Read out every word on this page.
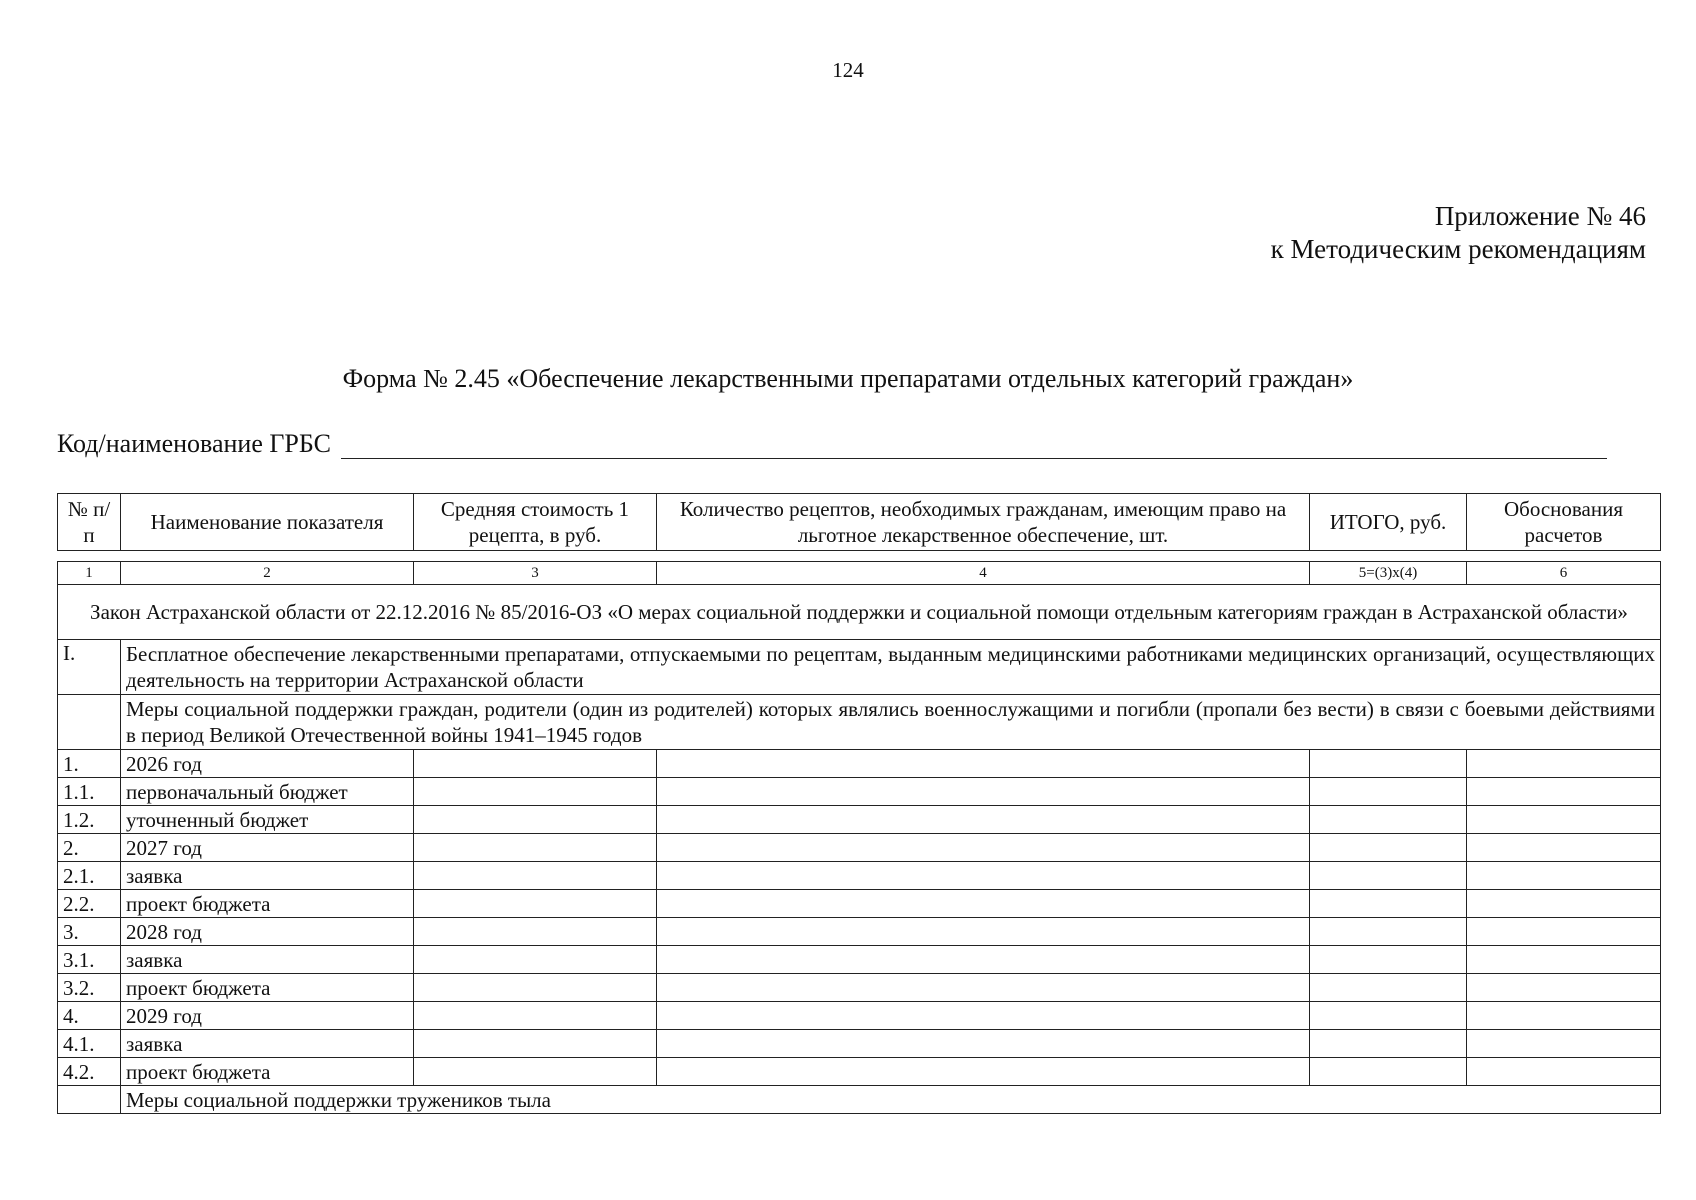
124
Приложение № 46
к Методическим рекомендациям
Форма № 2.45 «Обеспечение лекарственными препаратами отдельных категорий граждан»
Код/наименование ГРБС
№ п/п	Наименование показателя	Средняя стоимость 1 рецепта, в руб.	Количество рецептов, необходимых гражданам, имеющим право на льготное лекарственное обеспечение, шт.	ИТОГО, руб.	Обоснования расчетов
1	2	3	4	5=(3)х(4)	6
Закон Астраханской области от 22.12.2016 № 85/2016-ОЗ «О мерах социальной поддержки и социальной помощи отдельным категориям граждан в Астраханской области»					
I.	Бесплатное обеспечение лекарственными препаратами, отпускаемыми по рецептам, выданным медицинскими работниками медицинских организаций, осуществляющих деятельность на территории Астраханской области				
	Меры социальной поддержки граждан, родители (один из родителей) которых являлись военнослужащими и погибли (пропали без вести) в связи с боевыми действиями в период Великой Отечественной войны 1941–1945 годов				
1.	2026 год				
1.1.	первоначальный бюджет				
1.2.	уточненный бюджет				
2.	2027 год				
2.1.	заявка				
2.2.	проект бюджета				
3.	2028 год				
3.1.	заявка				
3.2.	проект бюджета				
4.	2029 год				
4.1.	заявка				
4.2.	проект бюджета				
	Меры социальной поддержки тружеников тыла				
